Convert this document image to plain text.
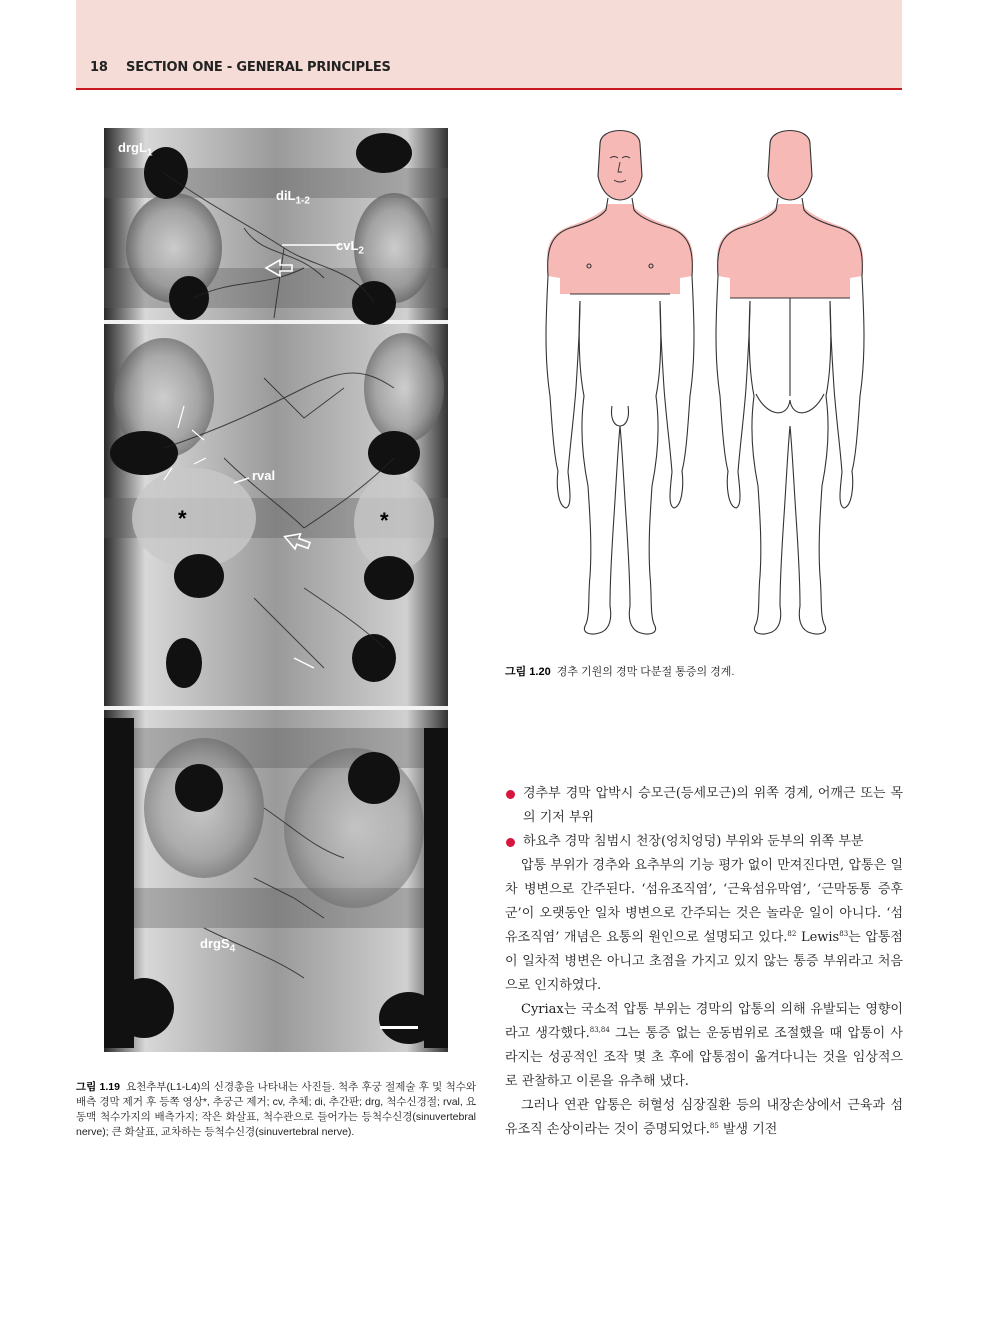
18 SECTION ONE - GENERAL PRINCIPLES
drgL$_1$
diL$_{1-2}$
cvL$_2$
rval
*	*
drgS$_4$
그림 1.19 요천추부(L1-L4)의 신경총을 나타내는 사진들. 척추 후궁 절제술 후 및 척수와 배측 경막 제거 후 등쪽 영상*, 추궁근 제거; cv, 추체; di, 추간판; drg, 척수신경절; rval, 요동맥 척수가지의 배측가지; 작은 화살표, 척수관으로 들어가는 등척수신경(sinuvertebral nerve); 큰 화살표, 교차하는 등척수신경(sinuvertebral nerve).
그림 1.20 경추 기원의 경막 다분절 통증의 경계.
경추부 경막 압박시 승모근(등세모근)의 위쪽 경계, 어깨근 또는 목의 기저 부위
하요추 경막 침범시 천장(엉치엉덩) 부위와 둔부의 위쪽 부분

압통 부위가 경추와 요추부의 기능 평가 없이 만져진다면, 압통은 일차 병변으로 간주된다. ‘섬유조직염’, ‘근육섬유막염’, ‘근막동통 증후군’이 오랫동안 일차 병변으로 간주되는 것은 놀라운 일이 아니다. ‘섬유조직염’ 개념은 요통의 원인으로 설명되고 있다.$^{82}$ Lewis$^{83}$는 압통점이 일차적 병변은 아니고 초점을 가지고 있지 않는 통증 부위라고 처음으로 인지하였다.

Cyriax는 국소적 압통 부위는 경막의 압통의 의해 유발되는 영향이라고 생각했다.$^{83,84}$ 그는 통증 없는 운동범위로 조절했을 때 압통이 사라지는 성공적인 조작 몇 초 후에 압통점이 옮겨다니는 것을 임상적으로 관찰하고 이론을 유추해 냈다.

그러나 연관 압통은 허혈성 심장질환 등의 내장손상에서 근육과 섬유조직 손상이라는 것이 증명되었다.$^{85}$ 발생 기전
